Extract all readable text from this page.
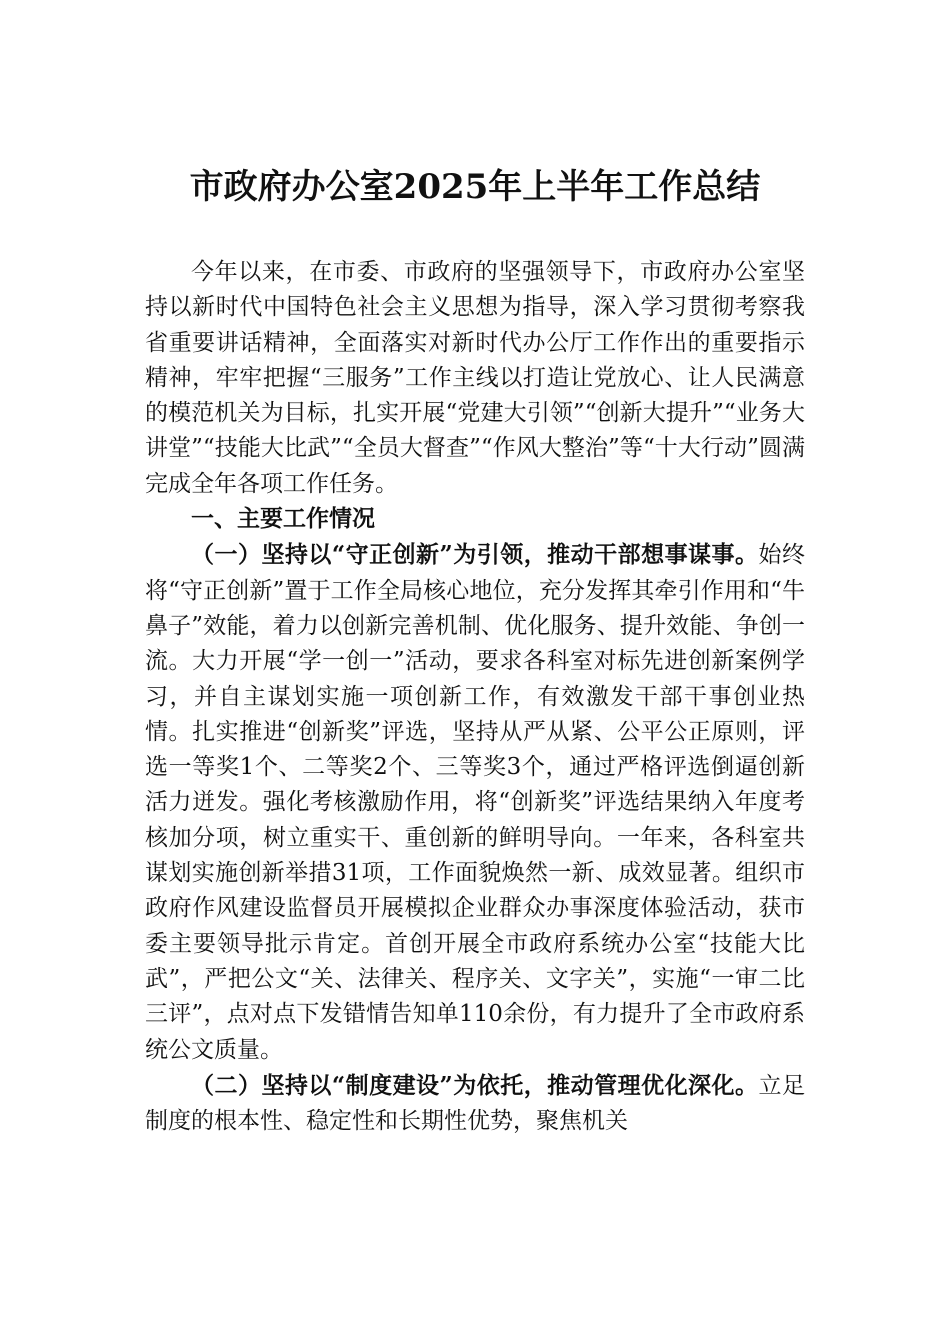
市政府办公室2025年上半年工作总结

今年以来，在市委、市政府的坚强领导下，市政府办公室坚持以新时代中国特色社会主义思想为指导，深入学习贯彻考察我省重要讲话精神，全面落实对新时代办公厅工作作出的重要指示精神，牢牢把握“三服务”工作主线以打造让党放心、让人民满意的模范机关为目标，扎实开展“党建大引领”“创新大提升”“业务大讲堂”“技能大比武”“全员大督查”“作风大整治”等“十大行动”圆满完成全年各项工作任务。

一、主要工作情况

（一）坚持以“守正创新”为引领，推动干部想事谋事。始终将“守正创新”置于工作全局核心地位，充分发挥其牵引作用和“牛鼻子”效能，着力以创新完善机制、优化服务、提升效能、争创一流。大力开展“学一创一”活动，要求各科室对标先进创新案例学习，并自主谋划实施一项创新工作，有效激发干部干事创业热情。扎实推进“创新奖”评选，坚持从严从紧、公平公正原则，评选一等奖1个、二等奖2个、三等奖3个，通过严格评选倒逼创新活力迸发。强化考核激励作用，将“创新奖”评选结果纳入年度考核加分项，树立重实干、重创新的鲜明导向。一年来，各科室共谋划实施创新举措31项，工作面貌焕然一新、成效显著。组织市政府作风建设监督员开展模拟企业群众办事深度体验活动，获市委主要领导批示肯定。首创开展全市政府系统办公室“技能大比武”，严把公文“关、法律关、程序关、文字关”，实施“一审二比三评”，点对点下发错情告知单110余份，有力提升了全市政府系统公文质量。

（二）坚持以“制度建设”为依托，推动管理优化深化。立足制度的根本性、稳定性和长期性优势，聚焦机关
